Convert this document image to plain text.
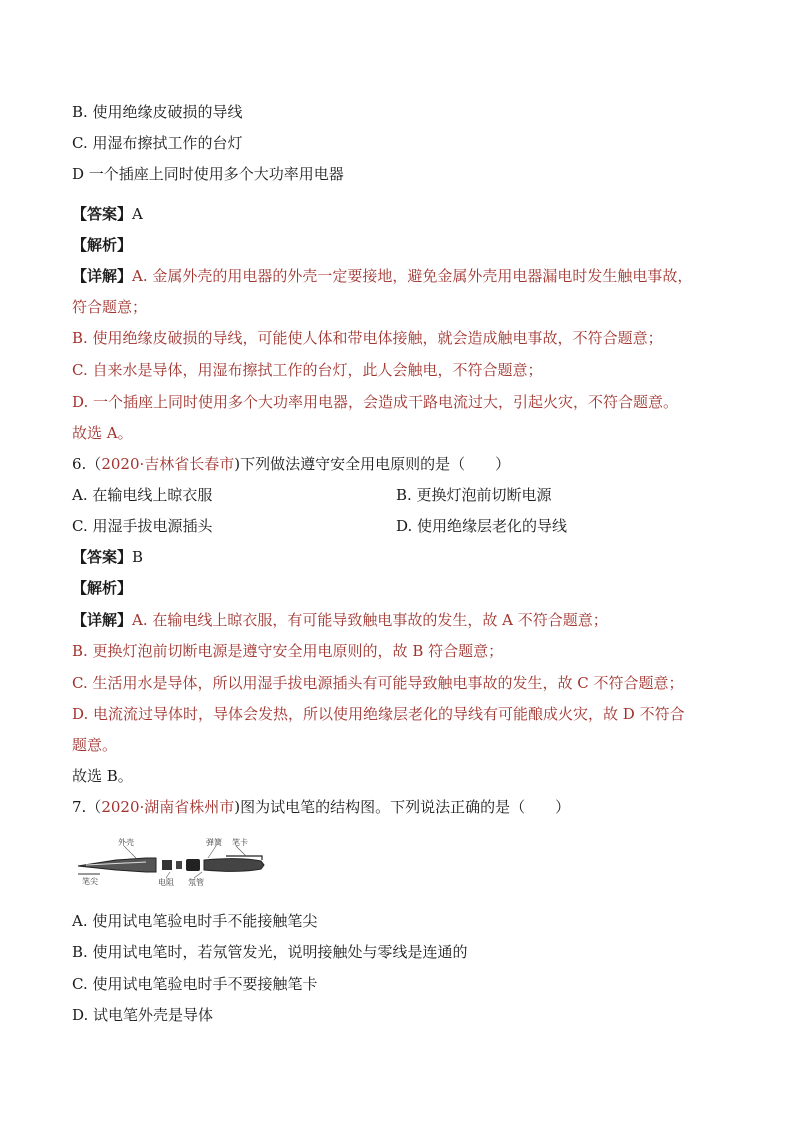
B. 使用绝缘皮破损的导线
C. 用湿布擦拭工作的台灯
D 一个插座上同时使用多个大功率用电器
【答案】A
【解析】
【详解】A. 金属外壳的用电器的外壳一定要接地，避免金属外壳用电器漏电时发生触电事故，
符合题意；
B. 使用绝缘皮破损的导线，可能使人体和带电体接触，就会造成触电事故，不符合题意；
C. 自来水是导体，用湿布擦拭工作的台灯，此人会触电，不符合题意；
D. 一个插座上同时使用多个大功率用电器，会造成干路电流过大，引起火灾，不符合题意。
故选 A。
6.（2020·吉林省长春市)下列做法遵守安全用电原则的是（　　）
A. 在输电线上晾衣服	B. 更换灯泡前切断电源
C. 用湿手拔电源插头	D. 使用绝缘层老化的导线
【答案】B
【解析】
【详解】A. 在输电线上晾衣服，有可能导致触电事故的发生，故 A 不符合题意；
B. 更换灯泡前切断电源是遵守安全用电原则的，故 B 符合题意；
C. 生活用水是导体，所以用湿手拔电源插头有可能导致触电事故的发生，故 C 不符合题意；
D. 电流流过导体时，导体会发热，所以使用绝缘层老化的导线有可能酿成火灾，故 D 不符合
题意。
故选 B。
7.（2020·湖南省株州市)图为试电笔的结构图。下列说法正确的是（　　）
外壳	弹簧 笔卡
笔尖	电阻 氖管
A. 使用试电笔验电时手不能接触笔尖
B. 使用试电笔时，若氖管发光，说明接触处与零线是连通的
C. 使用试电笔验电时手不要接触笔卡
D. 试电笔外壳是导体
